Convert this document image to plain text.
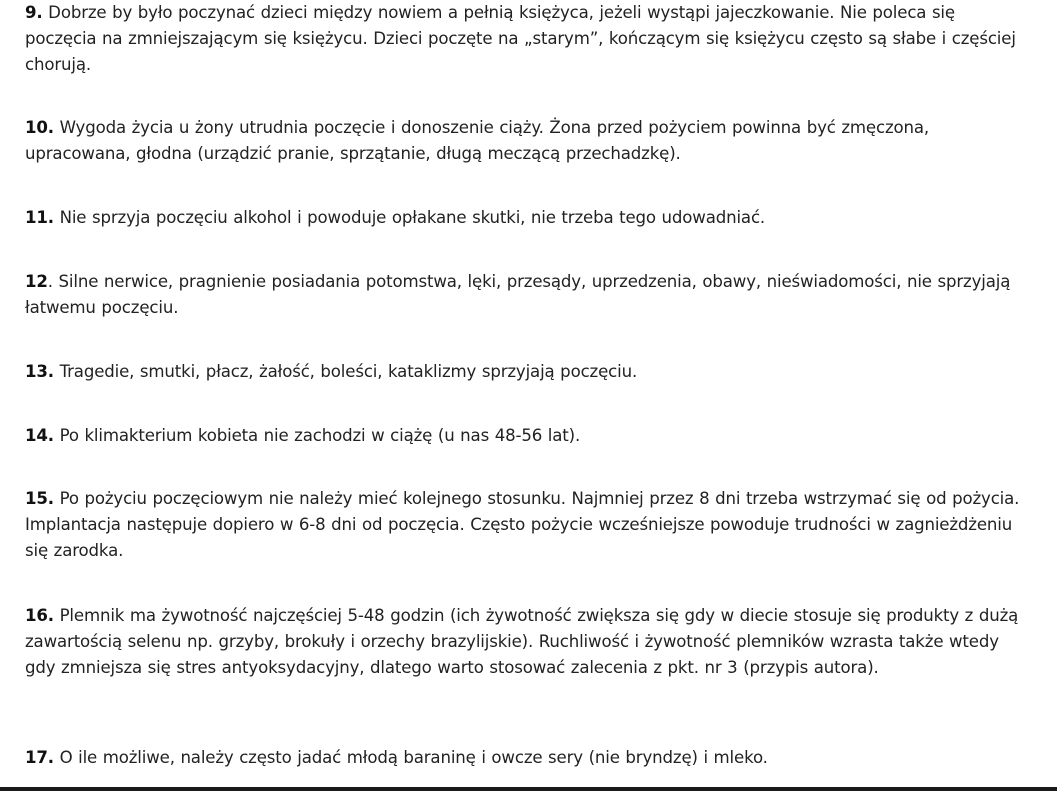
9. Dobrze by było poczynać dzieci między nowiem a pełnią księżyca, jeżeli wystąpi jajeczkowanie. Nie poleca się poczęcia na zmniejszającym się księżycu. Dzieci poczęte na „starym”, kończącym się księżycu często są słabe i częściej chorują.

10. Wygoda życia u żony utrudnia poczęcie i donoszenie ciąży. Żona przed pożyciem powinna być zmęczona, upracowana, głodna (urządzić pranie, sprzątanie, długą meczącą przechadzkę).

11. Nie sprzyja poczęciu alkohol i powoduje opłakane skutki, nie trzeba tego udowadniać.

12. Silne nerwice, pragnienie posiadania potomstwa, lęki, przesądy, uprzedzenia, obawy, nieświadomości, nie sprzyjają łatwemu poczęciu.

13. Tragedie, smutki, płacz, żałość, boleści, kataklizmy sprzyjają poczęciu.

14. Po klimakterium kobieta nie zachodzi w ciążę (u nas 48-56 lat).

15. Po pożyciu poczęciowym nie należy mieć kolejnego stosunku. Najmniej przez 8 dni trzeba wstrzymać się od pożycia. Implantacja następuje dopiero w 6-8 dni od poczęcia. Często pożycie wcześniejsze powoduje trudności w zagnieżdżeniu się zarodka.

16. Plemnik ma żywotność najczęściej 5-48 godzin (ich żywotność zwiększa się gdy w diecie stosuje się produkty z dużą zawartością selenu np. grzyby, brokuły i orzechy brazylijskie). Ruchliwość i żywotność plemników wzrasta także wtedy gdy zmniejsza się stres antyoksydacyjny, dlatego warto stosować zalecenia z pkt. nr 3 (przypis autora).

17. O ile możliwe, należy często jadać młodą baraninę i owcze sery (nie bryndzę) i mleko.
